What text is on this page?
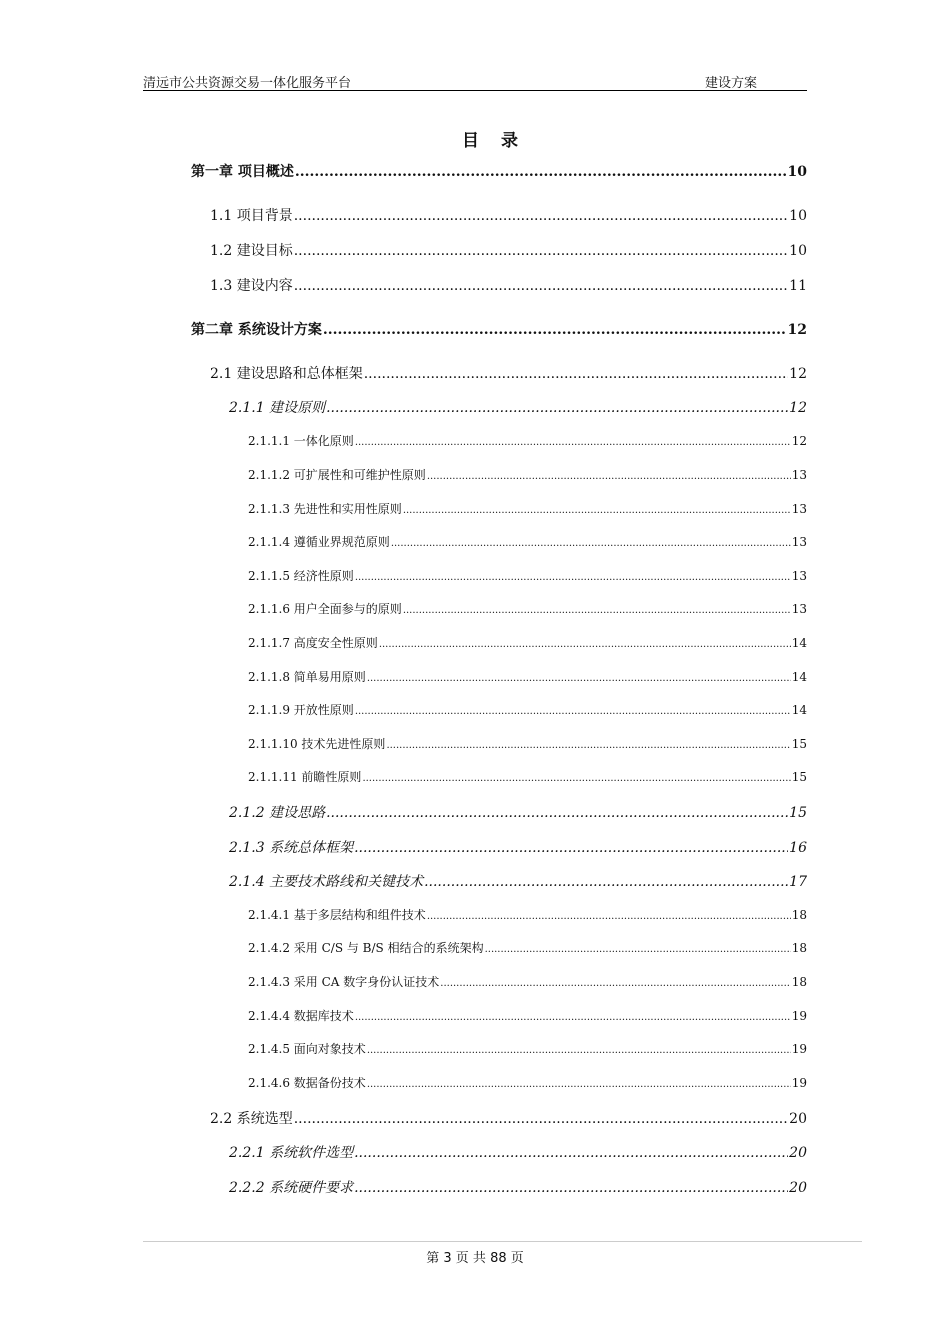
清远市公共资源交易一体化服务平台	建设方案
目录
第一章 项目概述 .....	10
1.1 项目背景 .....	10
1.2 建设目标 .....	10
1.3 建设内容 .....	11
第二章 系统设计方案 .....	12
2.1 建设思路和总体框架 .....	12
2.1.1 建设原则 .....	12
2.1.1.1 一体化原则 .....	12
2.1.1.2 可扩展性和可维护性原则 .....	13
2.1.1.3 先进性和实用性原则 .....	13
2.1.1.4 遵循业界规范原则 .....	13
2.1.1.5 经济性原则 .....	13
2.1.1.6 用户全面参与的原则 .....	13
2.1.1.7 高度安全性原则 .....	14
2.1.1.8 简单易用原则 .....	14
2.1.1.9 开放性原则 .....	14
2.1.1.10 技术先进性原则 .....	15
2.1.1.11 前瞻性原则 .....	15
2.1.2 建设思路 .....	15
2.1.3 系统总体框架 .....	16
2.1.4 主要技术路线和关键技术 .....	17
2.1.4.1 基于多层结构和组件技术 .....	18
2.1.4.2 采用 C/S 与 B/S 相结合的系统架构 .....	18
2.1.4.3 采用 CA 数字身份认证技术 .....	18
2.1.4.4 数据库技术 .....	19
2.1.4.5 面向对象技术 .....	19
2.1.4.6 数据备份技术 .....	19
2.2 系统选型 .....	20
2.2.1 系统软件选型 .....	20
2.2.2 系统硬件要求 .....	20
第 3 页 共 88 页
